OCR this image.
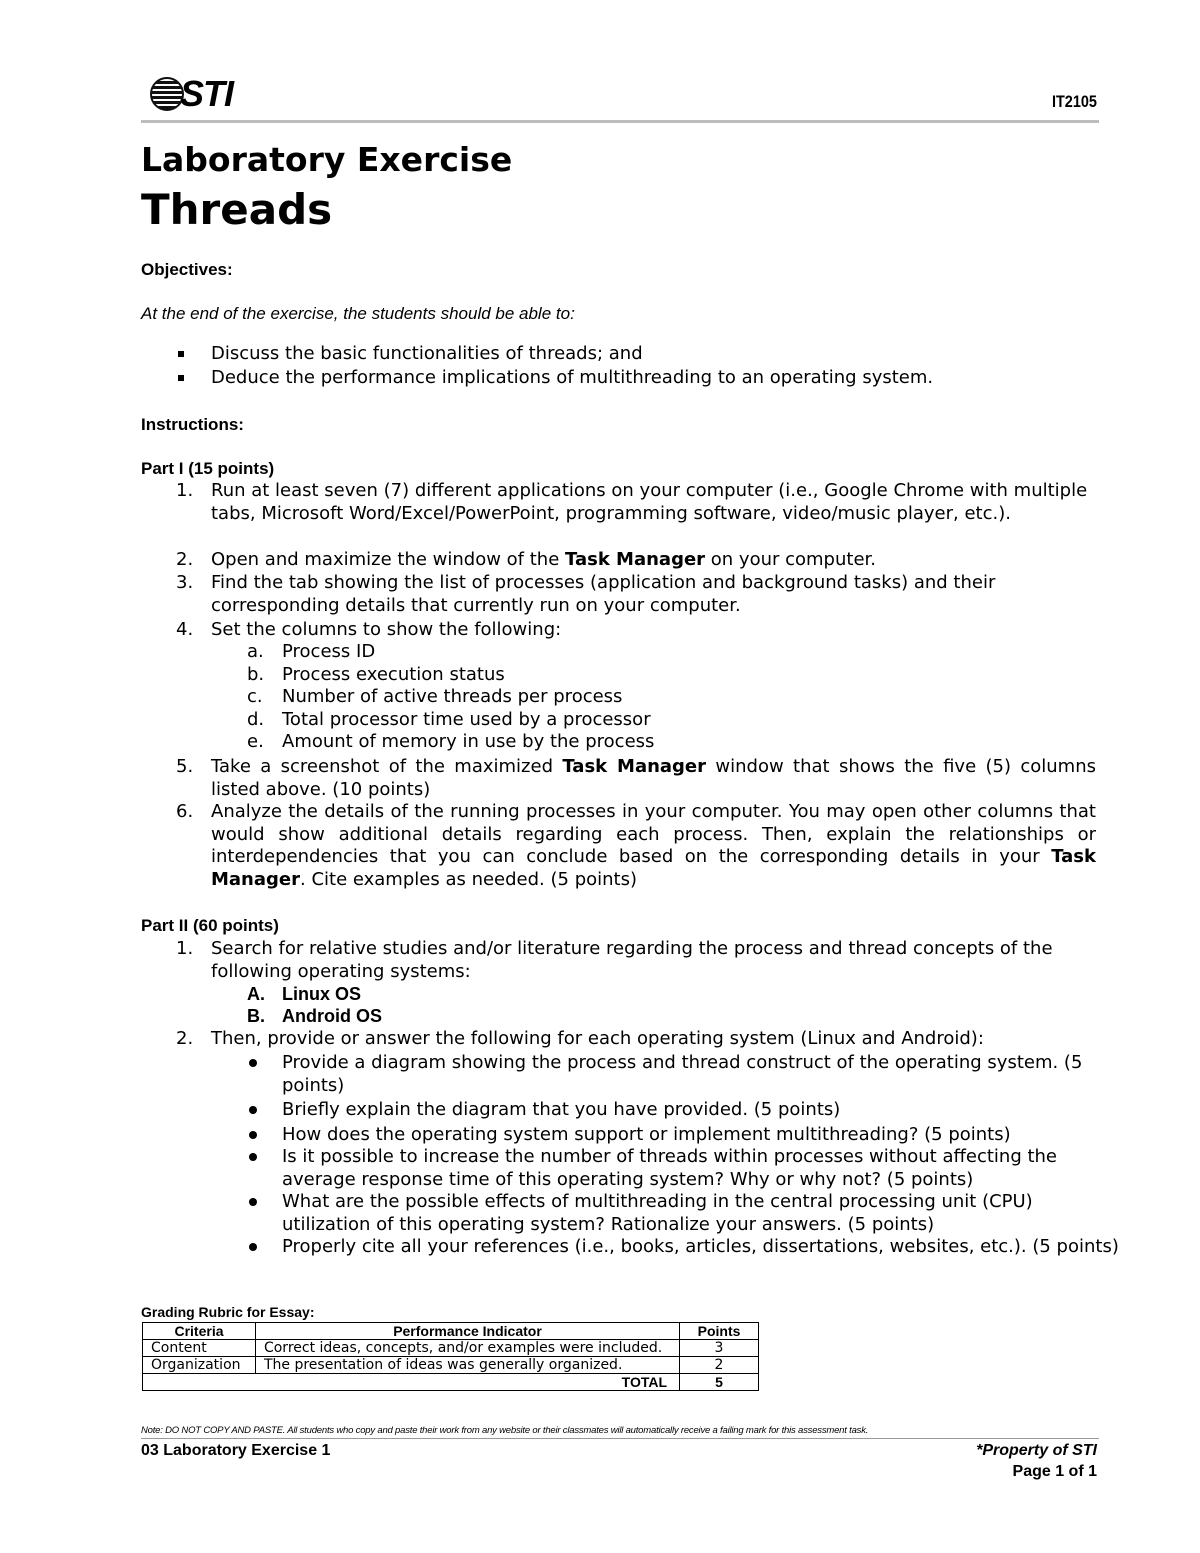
STI	IT2105
Laboratory Exercise
Threads
Objectives:
At the end of the exercise, the students should be able to:
Discuss the basic functionalities of threads; and
Deduce the performance implications of multithreading to an operating system.
Instructions:
Part I (15 points)
1. Run at least seven (7) different applications on your computer (i.e., Google Chrome with multiple tabs, Microsoft Word/Excel/PowerPoint, programming software, video/music player, etc.).
2. Open and maximize the window of the Task Manager on your computer.
3. Find the tab showing the list of processes (application and background tasks) and their corresponding details that currently run on your computer.
4. Set the columns to show the following:
a. Process ID
b. Process execution status
c. Number of active threads per process
d. Total processor time used by a processor
e. Amount of memory in use by the process
5. Take a screenshot of the maximized Task Manager window that shows the five (5) columns listed above. (10 points)
6. Analyze the details of the running processes in your computer. You may open other columns that would show additional details regarding each process. Then, explain the relationships or interdependencies that you can conclude based on the corresponding details in your Task Manager. Cite examples as needed. (5 points)
Part II (60 points)
1. Search for relative studies and/or literature regarding the process and thread concepts of the following operating systems:
A. Linux OS
B. Android OS
2. Then, provide or answer the following for each operating system (Linux and Android):
Provide a diagram showing the process and thread construct of the operating system. (5 points)
Briefly explain the diagram that you have provided. (5 points)
How does the operating system support or implement multithreading? (5 points)
Is it possible to increase the number of threads within processes without affecting the average response time of this operating system? Why or why not? (5 points)
What are the possible effects of multithreading in the central processing unit (CPU) utilization of this operating system? Rationalize your answers. (5 points)
Properly cite all your references (i.e., books, articles, dissertations, websites, etc.). (5 points)
Grading Rubric for Essay:
Criteria	Performance Indicator	Points
Content	Correct ideas, concepts, and/or examples were included.	3
Organization	The presentation of ideas was generally organized.	2
TOTAL		5
Note: DO NOT COPY AND PASTE. All students who copy and paste their work from any website or their classmates will automatically receive a failing mark for this assessment task.
03 Laboratory Exercise 1	*Property of STI
Page 1 of 1
